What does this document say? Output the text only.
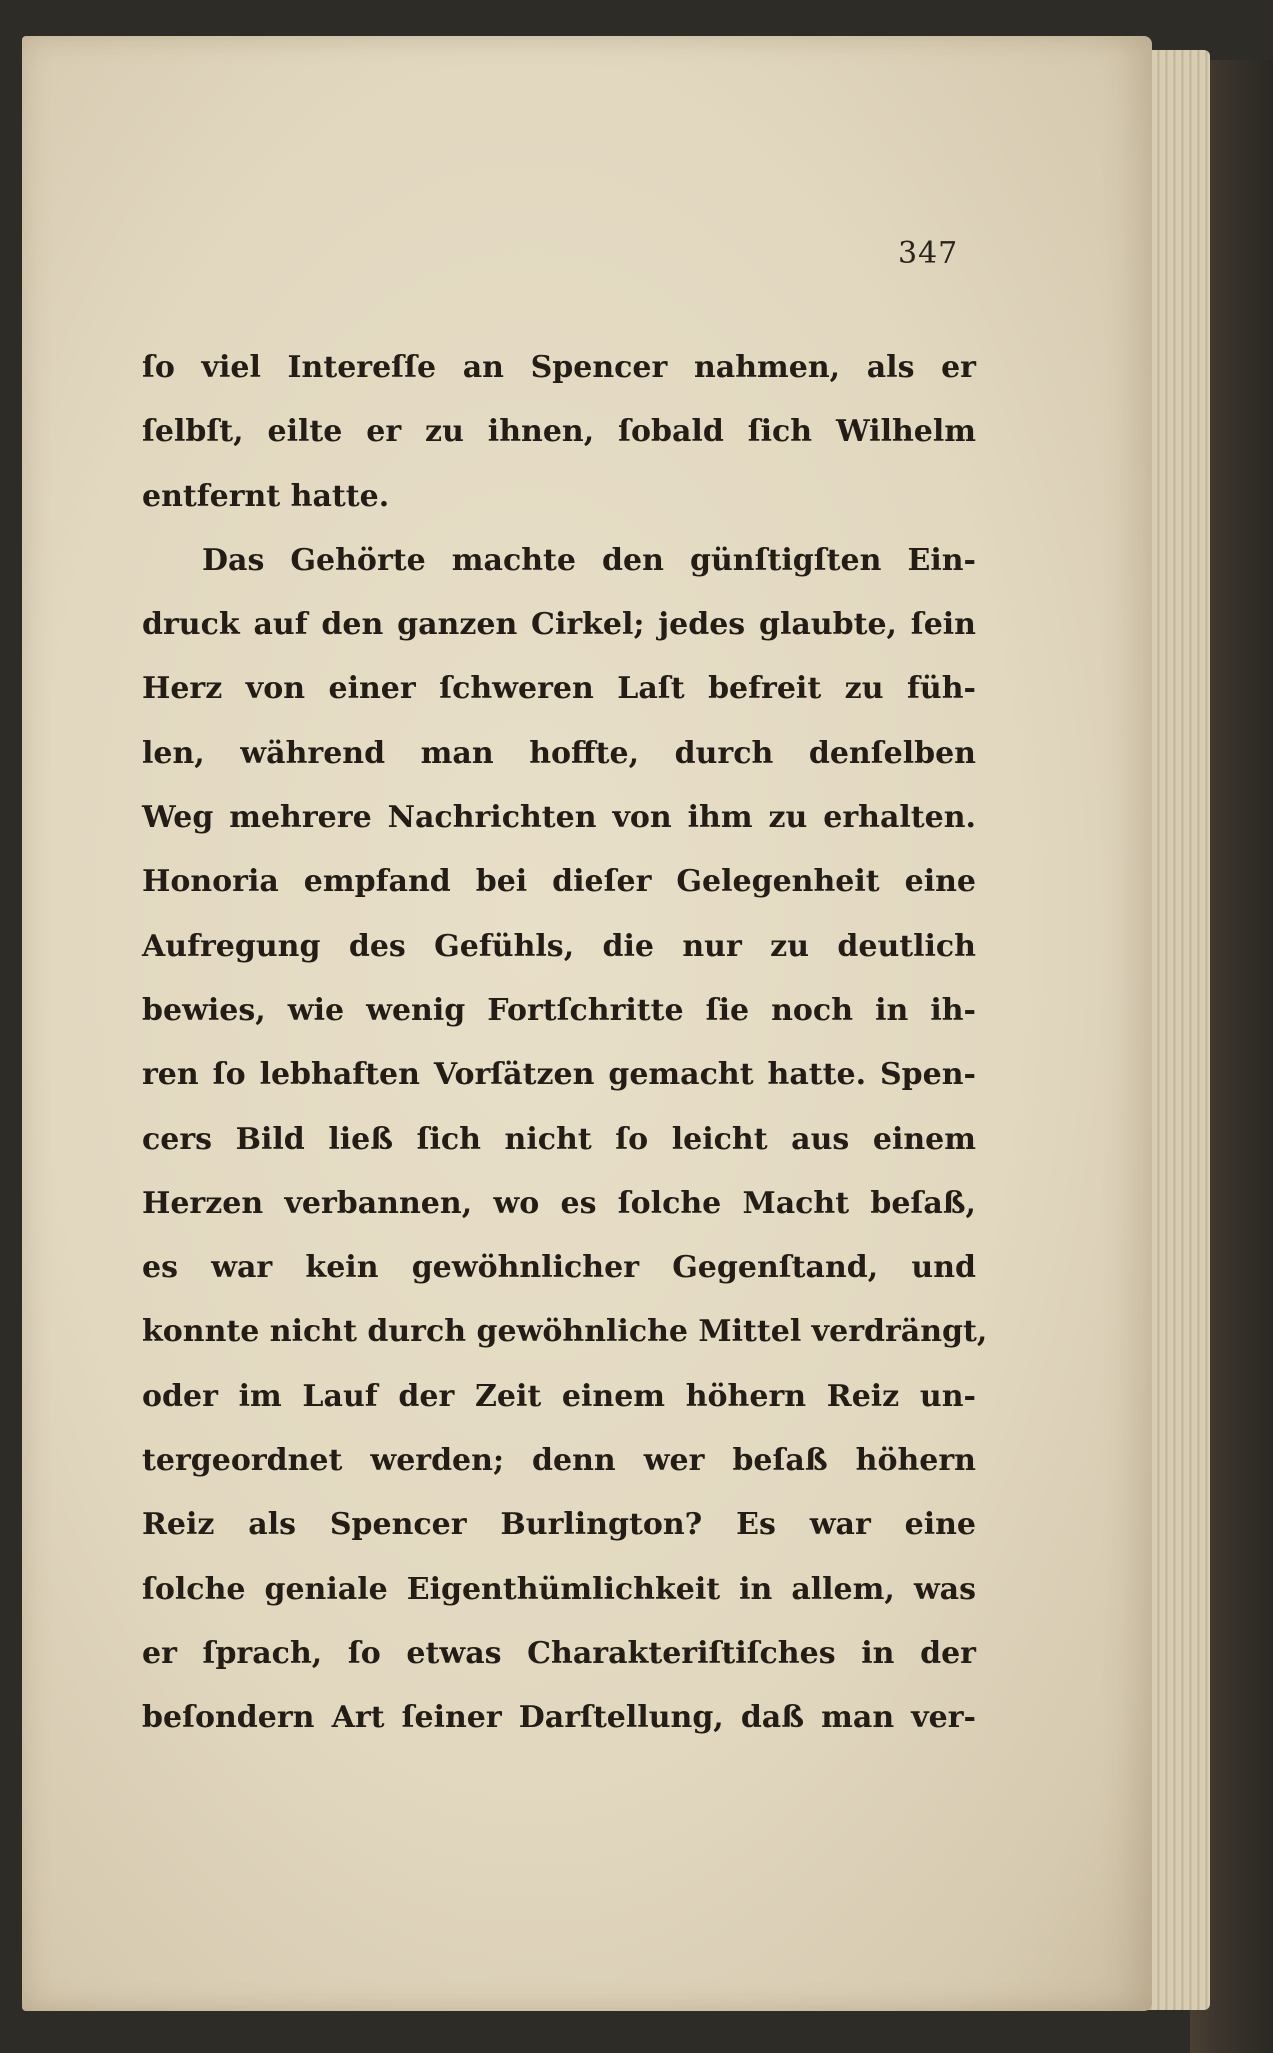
347
ſo viel Intereſſe an Spencer nahmen, als er
ſelbſt, eilte er zu ihnen, ſobald ſich Wilhelm
entfernt hatte.
Das Gehörte machte den günſtigſten Ein-
druck auf den ganzen Cirkel; jedes glaubte, ſein
Herz von einer ſchweren Laſt befreit zu füh-
len, während man hoffte, durch denſelben
Weg mehrere Nachrichten von ihm zu erhalten.
Honoria empfand bei dieſer Gelegenheit eine
Aufregung des Gefühls, die nur zu deutlich
bewies, wie wenig Fortſchritte ſie noch in ih-
ren ſo lebhaften Vorſätzen gemacht hatte. Spen-
cers Bild ließ ſich nicht ſo leicht aus einem
Herzen verbannen, wo es ſolche Macht beſaß,
es war kein gewöhnlicher Gegenſtand, und
konnte nicht durch gewöhnliche Mittel verdrängt,
oder im Lauf der Zeit einem höhern Reiz un-
tergeordnet werden; denn wer beſaß höhern
Reiz als Spencer Burlington? Es war eine
ſolche geniale Eigenthümlichkeit in allem, was
er ſprach, ſo etwas Charakteriſtiſches in der
beſondern Art ſeiner Darſtellung, daß man ver-
